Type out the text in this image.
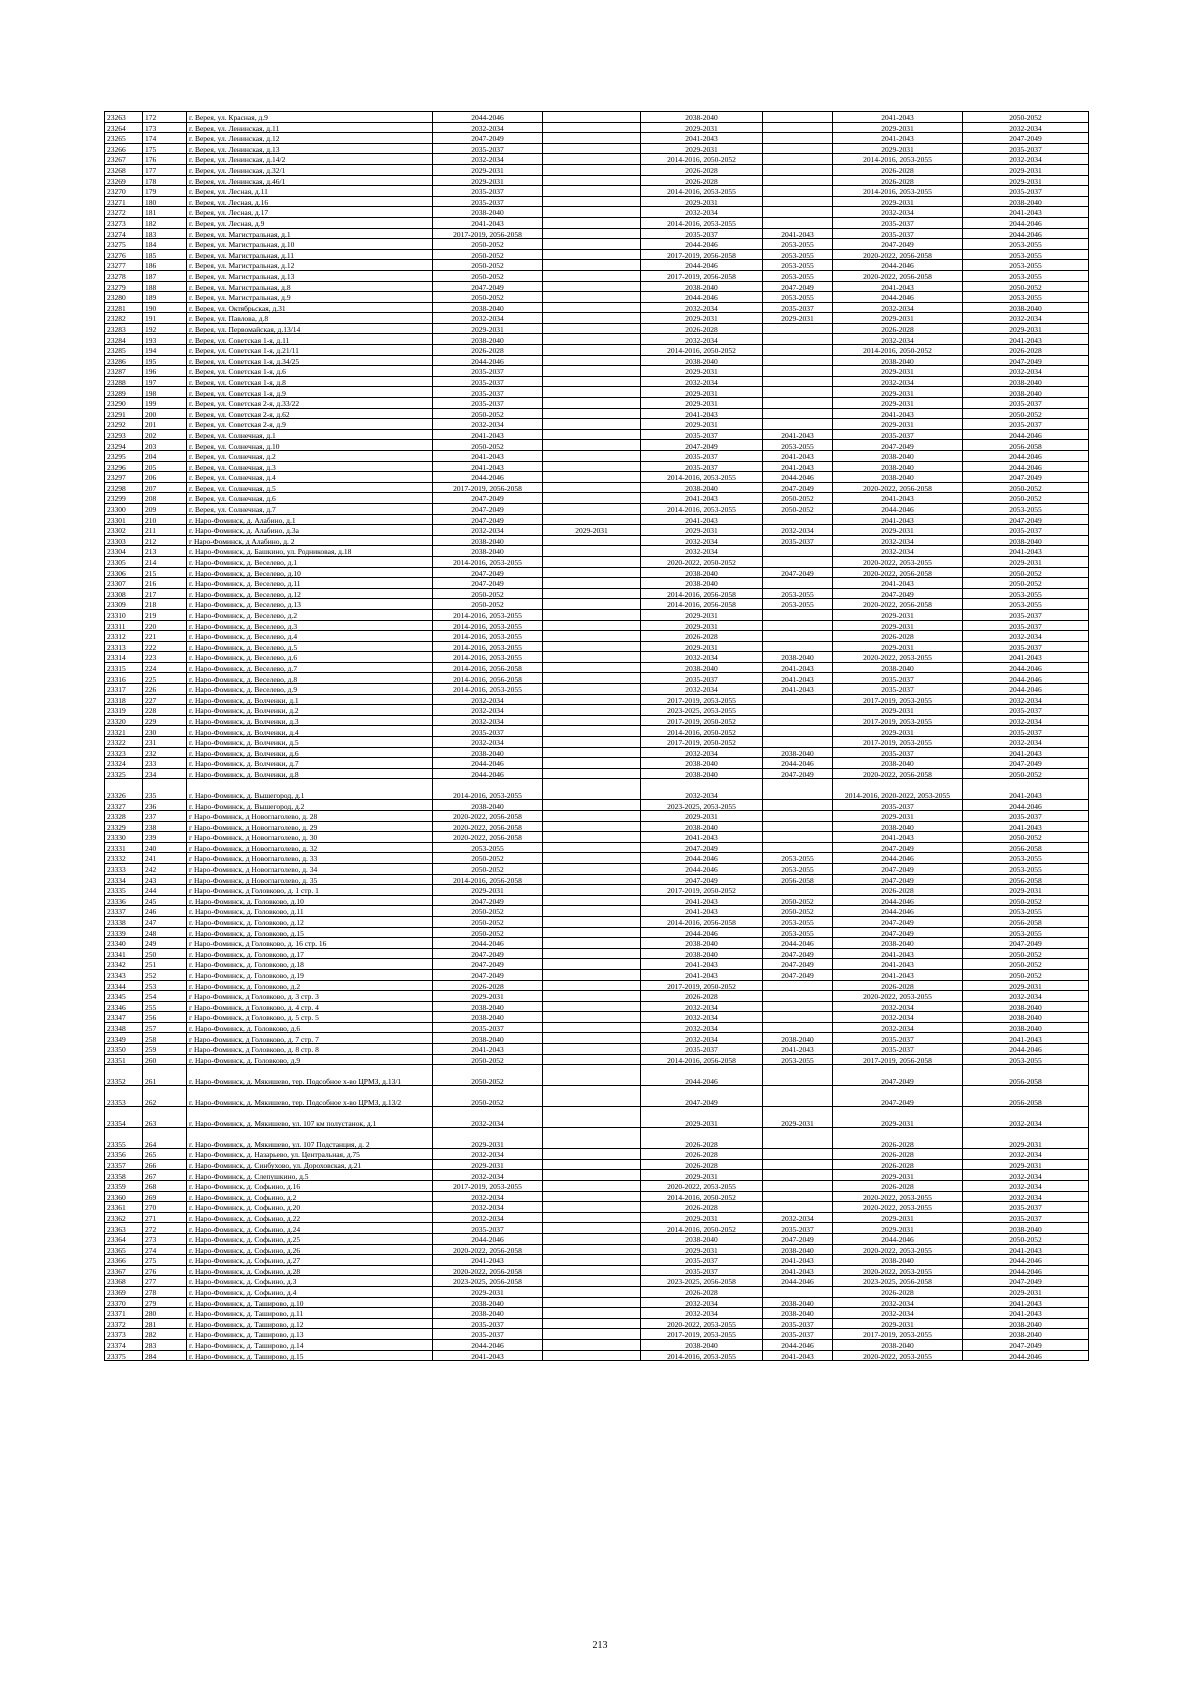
23263	172	г. Верея, ул. Красная, д.9	2044-2046		2038-2040		2041-2043	2050-2052
23264	173	г. Верея, ул. Ленинская, д.11	2032-2034		2029-2031		2029-2031	2032-2034
23265	174	г. Верея, ул. Ленинская, д.12	2047-2049		2041-2043		2041-2043	2047-2049
23266	175	г. Верея, ул. Ленинская, д.13	2035-2037		2029-2031		2029-2031	2035-2037
23267	176	г. Верея, ул. Ленинская, д.14/2	2032-2034		2014-2016, 2050-2052		2014-2016, 2053-2055	2032-2034
23268	177	г. Верея, ул. Ленинская, д.32/1	2029-2031		2026-2028		2026-2028	2029-2031
23269	178	г. Верея, ул. Ленинская, д.46/1	2029-2031		2026-2028		2026-2028	2029-2031
23270	179	г. Верея, ул. Лесная, д.11	2035-2037		2014-2016, 2053-2055		2014-2016, 2053-2055	2035-2037
23271	180	г. Верея, ул. Лесная, д.16	2035-2037		2029-2031		2029-2031	2038-2040
23272	181	г. Верея, ул. Лесная, д.17	2038-2040		2032-2034		2032-2034	2041-2043
23273	182	г. Верея, ул. Лесная, д.9	2041-2043		2014-2016, 2053-2055		2035-2037	2044-2046
23274	183	г. Верея, ул. Магистральная, д.1	2017-2019, 2056-2058		2035-2037	2041-2043	2035-2037	2044-2046
23275	184	г. Верея, ул. Магистральная, д.10	2050-2052		2044-2046	2053-2055	2047-2049	2053-2055
23276	185	г. Верея, ул. Магистральная, д.11	2050-2052		2017-2019, 2056-2058	2053-2055	2020-2022, 2056-2058	2053-2055
23277	186	г. Верея, ул. Магистральная, д.12	2050-2052		2044-2046	2053-2055	2044-2046	2053-2055
23278	187	г. Верея, ул. Магистральная, д.13	2050-2052		2017-2019, 2056-2058	2053-2055	2020-2022, 2056-2058	2053-2055
23279	188	г. Верея, ул. Магистральная, д.8	2047-2049		2038-2040	2047-2049	2041-2043	2050-2052
23280	189	г. Верея, ул. Магистральная, д.9	2050-2052		2044-2046	2053-2055	2044-2046	2053-2055
23281	190	г. Верея, ул. Октябрьская, д.31	2038-2040		2032-2034	2035-2037	2032-2034	2038-2040
23282	191	г. Верея, ул. Павлова, д.8	2032-2034		2029-2031	2029-2031	2029-2031	2032-2034
23283	192	г. Верея, ул. Первомайская, д.13/14	2029-2031		2026-2028		2026-2028	2029-2031
23284	193	г. Верея, ул. Советская 1-я, д.11	2038-2040		2032-2034		2032-2034	2041-2043
23285	194	г. Верея, ул. Советская 1-я, д.21/11	2026-2028		2014-2016, 2050-2052		2014-2016, 2050-2052	2026-2028
23286	195	г. Верея, ул. Советская 1-я, д.34/25	2044-2046		2038-2040		2038-2040	2047-2049
23287	196	г. Верея, ул. Советская 1-я, д.6	2035-2037		2029-2031		2029-2031	2032-2034
23288	197	г. Верея, ул. Советская 1-я, д.8	2035-2037		2032-2034		2032-2034	2038-2040
23289	198	г. Верея, ул. Советская 1-я, д.9	2035-2037		2029-2031		2029-2031	2038-2040
23290	199	г. Верея, ул. Советская 2-я, д.33/22	2035-2037		2029-2031		2029-2031	2035-2037
23291	200	г. Верея, ул. Советская 2-я, д.62	2050-2052		2041-2043		2041-2043	2050-2052
23292	201	г. Верея, ул. Советская 2-я, д.9	2032-2034		2029-2031		2029-2031	2035-2037
23293	202	г. Верея, ул. Солнечная, д.1	2041-2043		2035-2037	2041-2043	2035-2037	2044-2046
23294	203	г. Верея, ул. Солнечная, д.10	2050-2052		2047-2049	2053-2055	2047-2049	2056-2058
23295	204	г. Верея, ул. Солнечная, д.2	2041-2043		2035-2037	2041-2043	2038-2040	2044-2046
23296	205	г. Верея, ул. Солнечная, д.3	2041-2043		2035-2037	2041-2043	2038-2040	2044-2046
23297	206	г. Верея, ул. Солнечная, д.4	2044-2046		2014-2016, 2053-2055	2044-2046	2038-2040	2047-2049
23298	207	г. Верея, ул. Солнечная, д.5	2017-2019, 2056-2058		2038-2040	2047-2049	2020-2022, 2056-2058	2050-2052
23299	208	г. Верея, ул. Солнечная, д.6	2047-2049		2041-2043	2050-2052	2041-2043	2050-2052
23300	209	г. Верея, ул. Солнечная, д.7	2047-2049		2014-2016, 2053-2055	2050-2052	2044-2046	2053-2055
23301	210	г. Наро-Фоминск, д. Алабино, д.1	2047-2049		2041-2043		2041-2043	2047-2049
23302	211	г. Наро-Фоминск, д. Алабино, д.3а	2032-2034	2029-2031	2029-2031	2032-2034	2029-2031	2035-2037
23303	212	г Наро-Фоминск, д Алабино, д. 2	2038-2040		2032-2034	2035-2037	2032-2034	2038-2040
23304	213	г. Наро-Фоминск, д. Башкино, ул. Родниковая, д.18	2038-2040		2032-2034		2032-2034	2041-2043
23305	214	г. Наро-Фоминск, д. Веселево, д.1	2014-2016, 2053-2055		2020-2022, 2050-2052		2020-2022, 2053-2055	2029-2031
23306	215	г. Наро-Фоминск, д. Веселево, д.10	2047-2049		2038-2040	2047-2049	2020-2022, 2056-2058	2050-2052
23307	216	г. Наро-Фоминск, д. Веселево, д.11	2047-2049		2038-2040		2041-2043	2050-2052
23308	217	г. Наро-Фоминск, д. Веселево, д.12	2050-2052		2014-2016, 2056-2058	2053-2055	2047-2049	2053-2055
23309	218	г. Наро-Фоминск, д. Веселево, д.13	2050-2052		2014-2016, 2056-2058	2053-2055	2020-2022, 2056-2058	2053-2055
23310	219	г. Наро-Фоминск, д. Веселево, д.2	2014-2016, 2053-2055		2029-2031		2029-2031	2035-2037
23311	220	г. Наро-Фоминск, д. Веселево, д.3	2014-2016, 2053-2055		2029-2031		2029-2031	2035-2037
23312	221	г. Наро-Фоминск, д. Веселево, д.4	2014-2016, 2053-2055		2026-2028		2026-2028	2032-2034
23313	222	г. Наро-Фоминск, д. Веселево, д.5	2014-2016, 2053-2055		2029-2031		2029-2031	2035-2037
23314	223	г. Наро-Фоминск, д. Веселево, д.6	2014-2016, 2053-2055		2032-2034	2038-2040	2020-2022, 2053-2055	2041-2043
23315	224	г. Наро-Фоминск, д. Веселево, д.7	2014-2016, 2056-2058		2038-2040	2041-2043	2038-2040	2044-2046
23316	225	г. Наро-Фоминск, д. Веселево, д.8	2014-2016, 2056-2058		2035-2037	2041-2043	2035-2037	2044-2046
23317	226	г. Наро-Фоминск, д. Веселево, д.9	2014-2016, 2053-2055		2032-2034	2041-2043	2035-2037	2044-2046
23318	227	г. Наро-Фоминск, д. Волченки, д.1	2032-2034		2017-2019, 2053-2055		2017-2019, 2053-2055	2032-2034
23319	228	г. Наро-Фоминск, д. Волченки, д.2	2032-2034		2023-2025, 2053-2055		2029-2031	2035-2037
23320	229	г. Наро-Фоминск, д. Волченки, д.3	2032-2034		2017-2019, 2050-2052		2017-2019, 2053-2055	2032-2034
23321	230	г. Наро-Фоминск, д. Волченки, д.4	2035-2037		2014-2016, 2050-2052		2029-2031	2035-2037
23322	231	г. Наро-Фоминск, д. Волченки, д.5	2032-2034		2017-2019, 2050-2052		2017-2019, 2053-2055	2032-2034
23323	232	г. Наро-Фоминск, д. Волченки, д.6	2038-2040		2032-2034	2038-2040	2035-2037	2041-2043
23324	233	г. Наро-Фоминск, д. Волченки, д.7	2044-2046		2038-2040	2044-2046	2038-2040	2047-2049
23325	234	г. Наро-Фоминск, д. Волченки, д.8	2044-2046		2038-2040	2047-2049	2020-2022, 2056-2058	2050-2052
23326	235	г. Наро-Фоминск, д. Вышегород, д.1	2014-2016, 2053-2055		2032-2034		2014-2016, 2020-2022, 2053-2055	2041-2043
23327	236	г. Наро-Фоминск, д. Вышегород, д.2	2038-2040		2023-2025, 2053-2055		2035-2037	2044-2046
23328	237	г Наро-Фоминск, д Новоглаголево, д. 28	2020-2022, 2056-2058		2029-2031		2029-2031	2035-2037
23329	238	г Наро-Фоминск, д Новоглаголево, д. 29	2020-2022, 2056-2058		2038-2040		2038-2040	2041-2043
23330	239	г Наро-Фоминск, д Новоглаголево, д. 30	2020-2022, 2056-2058		2041-2043		2041-2043	2050-2052
23331	240	г Наро-Фоминск, д Новоглаголево, д. 32	2053-2055		2047-2049		2047-2049	2056-2058
23332	241	г Наро-Фоминск, д Новоглаголево, д. 33	2050-2052		2044-2046	2053-2055	2044-2046	2053-2055
23333	242	г Наро-Фоминск, д Новоглаголево, д. 34	2050-2052		2044-2046	2053-2055	2047-2049	2053-2055
23334	243	г Наро-Фоминск, д Новоглаголево, д. 35	2014-2016, 2056-2058		2047-2049	2056-2058	2047-2049	2056-2058
23335	244	г Наро-Фоминск, д Головково, д. 1 стр. 1	2029-2031		2017-2019, 2050-2052		2026-2028	2029-2031
23336	245	г. Наро-Фоминск, д. Головково, д.10	2047-2049		2041-2043	2050-2052	2044-2046	2050-2052
23337	246	г. Наро-Фоминск, д. Головково, д.11	2050-2052		2041-2043	2050-2052	2044-2046	2053-2055
23338	247	г. Наро-Фоминск, д. Головково, д.12	2050-2052		2014-2016, 2056-2058	2053-2055	2047-2049	2056-2058
23339	248	г. Наро-Фоминск, д. Головково, д.15	2050-2052		2044-2046	2053-2055	2047-2049	2053-2055
23340	249	г Наро-Фоминск, д Головково, д. 16 стр. 16	2044-2046		2038-2040	2044-2046	2038-2040	2047-2049
23341	250	г. Наро-Фоминск, д. Головково, д.17	2047-2049		2038-2040	2047-2049	2041-2043	2050-2052
23342	251	г. Наро-Фоминск, д. Головково, д.18	2047-2049		2041-2043	2047-2049	2041-2043	2050-2052
23343	252	г. Наро-Фоминск, д. Головково, д.19	2047-2049		2041-2043	2047-2049	2041-2043	2050-2052
23344	253	г. Наро-Фоминск, д. Головково, д.2	2026-2028		2017-2019, 2050-2052		2026-2028	2029-2031
23345	254	г Наро-Фоминск, д Головково, д. 3 стр. 3	2029-2031		2026-2028		2020-2022, 2053-2055	2032-2034
23346	255	г Наро-Фоминск, д Головково, д. 4 стр. 4	2038-2040		2032-2034		2032-2034	2038-2040
23347	256	г Наро-Фоминск, д Головково, д. 5 стр. 5	2038-2040		2032-2034		2032-2034	2038-2040
23348	257	г. Наро-Фоминск, д. Головково, д.6	2035-2037		2032-2034		2032-2034	2038-2040
23349	258	г Наро-Фоминск, д Головково, д. 7 стр. 7	2038-2040		2032-2034	2038-2040	2035-2037	2041-2043
23350	259	г Наро-Фоминск, д Головково, д. 8 стр. 8	2041-2043		2035-2037	2041-2043	2035-2037	2044-2046
23351	260	г. Наро-Фоминск, д. Головково, д.9	2050-2052		2014-2016, 2056-2058	2053-2055	2017-2019, 2056-2058	2053-2055
23352	261	г. Наро-Фоминск, д. Мякишево, тер. Подсобное х-во ЦРМЗ, д.13/1	2050-2052		2044-2046		2047-2049	2056-2058
23353	262	г. Наро-Фоминск, д. Мякишево, тер. Подсобное х-во ЦРМЗ, д.13/2	2050-2052		2047-2049		2047-2049	2056-2058
23354	263	г. Наро-Фоминск, д. Мякишево, ул. 107 км полустанок, д.1	2032-2034		2029-2031	2029-2031	2029-2031	2032-2034
23355	264	г. Наро-Фоминск, д. Мякишево, ул. 107 Подстанция, д. 2	2029-2031		2026-2028		2026-2028	2029-2031
23356	265	г. Наро-Фоминск, д. Назарьево, ул. Центральная, д.75	2032-2034		2026-2028		2026-2028	2032-2034
23357	266	г. Наро-Фоминск, д. Синбухово, ул. Дороховская, д.21	2029-2031		2026-2028		2026-2028	2029-2031
23358	267	г. Наро-Фоминск, д. Слепушкино, д.5	2032-2034		2029-2031		2029-2031	2032-2034
23359	268	г. Наро-Фоминск, д. Софьино, д.16	2017-2019, 2053-2055		2020-2022, 2053-2055		2026-2028	2032-2034
23360	269	г. Наро-Фоминск, д. Софьино, д.2	2032-2034		2014-2016, 2050-2052		2020-2022, 2053-2055	2032-2034
23361	270	г. Наро-Фоминск, д. Софьино, д.20	2032-2034		2026-2028		2020-2022, 2053-2055	2035-2037
23362	271	г. Наро-Фоминск, д. Софьино, д.22	2032-2034		2029-2031	2032-2034	2029-2031	2035-2037
23363	272	г. Наро-Фоминск, д. Софьино, д.24	2035-2037		2014-2016, 2050-2052	2035-2037	2029-2031	2038-2040
23364	273	г. Наро-Фоминск, д. Софьино, д.25	2044-2046		2038-2040	2047-2049	2044-2046	2050-2052
23365	274	г. Наро-Фоминск, д. Софьино, д.26	2020-2022, 2056-2058		2029-2031	2038-2040	2020-2022, 2053-2055	2041-2043
23366	275	г. Наро-Фоминск, д. Софьино, д.27	2041-2043		2035-2037	2041-2043	2038-2040	2044-2046
23367	276	г. Наро-Фоминск, д. Софьино, д.28	2020-2022, 2056-2058		2035-2037	2041-2043	2020-2022, 2053-2055	2044-2046
23368	277	г. Наро-Фоминск, д. Софьино, д.3	2023-2025, 2056-2058		2023-2025, 2056-2058	2044-2046	2023-2025, 2056-2058	2047-2049
23369	278	г. Наро-Фоминск, д. Софьино, д.4	2029-2031		2026-2028		2026-2028	2029-2031
23370	279	г. Наро-Фоминск, д. Таширово, д.10	2038-2040		2032-2034	2038-2040	2032-2034	2041-2043
23371	280	г. Наро-Фоминск, д. Таширово, д.11	2038-2040		2032-2034	2038-2040	2032-2034	2041-2043
23372	281	г. Наро-Фоминск, д. Таширово, д.12	2035-2037		2020-2022, 2053-2055	2035-2037	2029-2031	2038-2040
23373	282	г. Наро-Фоминск, д. Таширово, д.13	2035-2037		2017-2019, 2053-2055	2035-2037	2017-2019, 2053-2055	2038-2040
23374	283	г. Наро-Фоминск, д. Таширово, д.14	2044-2046		2038-2040	2044-2046	2038-2040	2047-2049
23375	284	г. Наро-Фоминск, д. Таширово, д.15	2041-2043		2014-2016, 2053-2055	2041-2043	2020-2022, 2053-2055	2044-2046
213
